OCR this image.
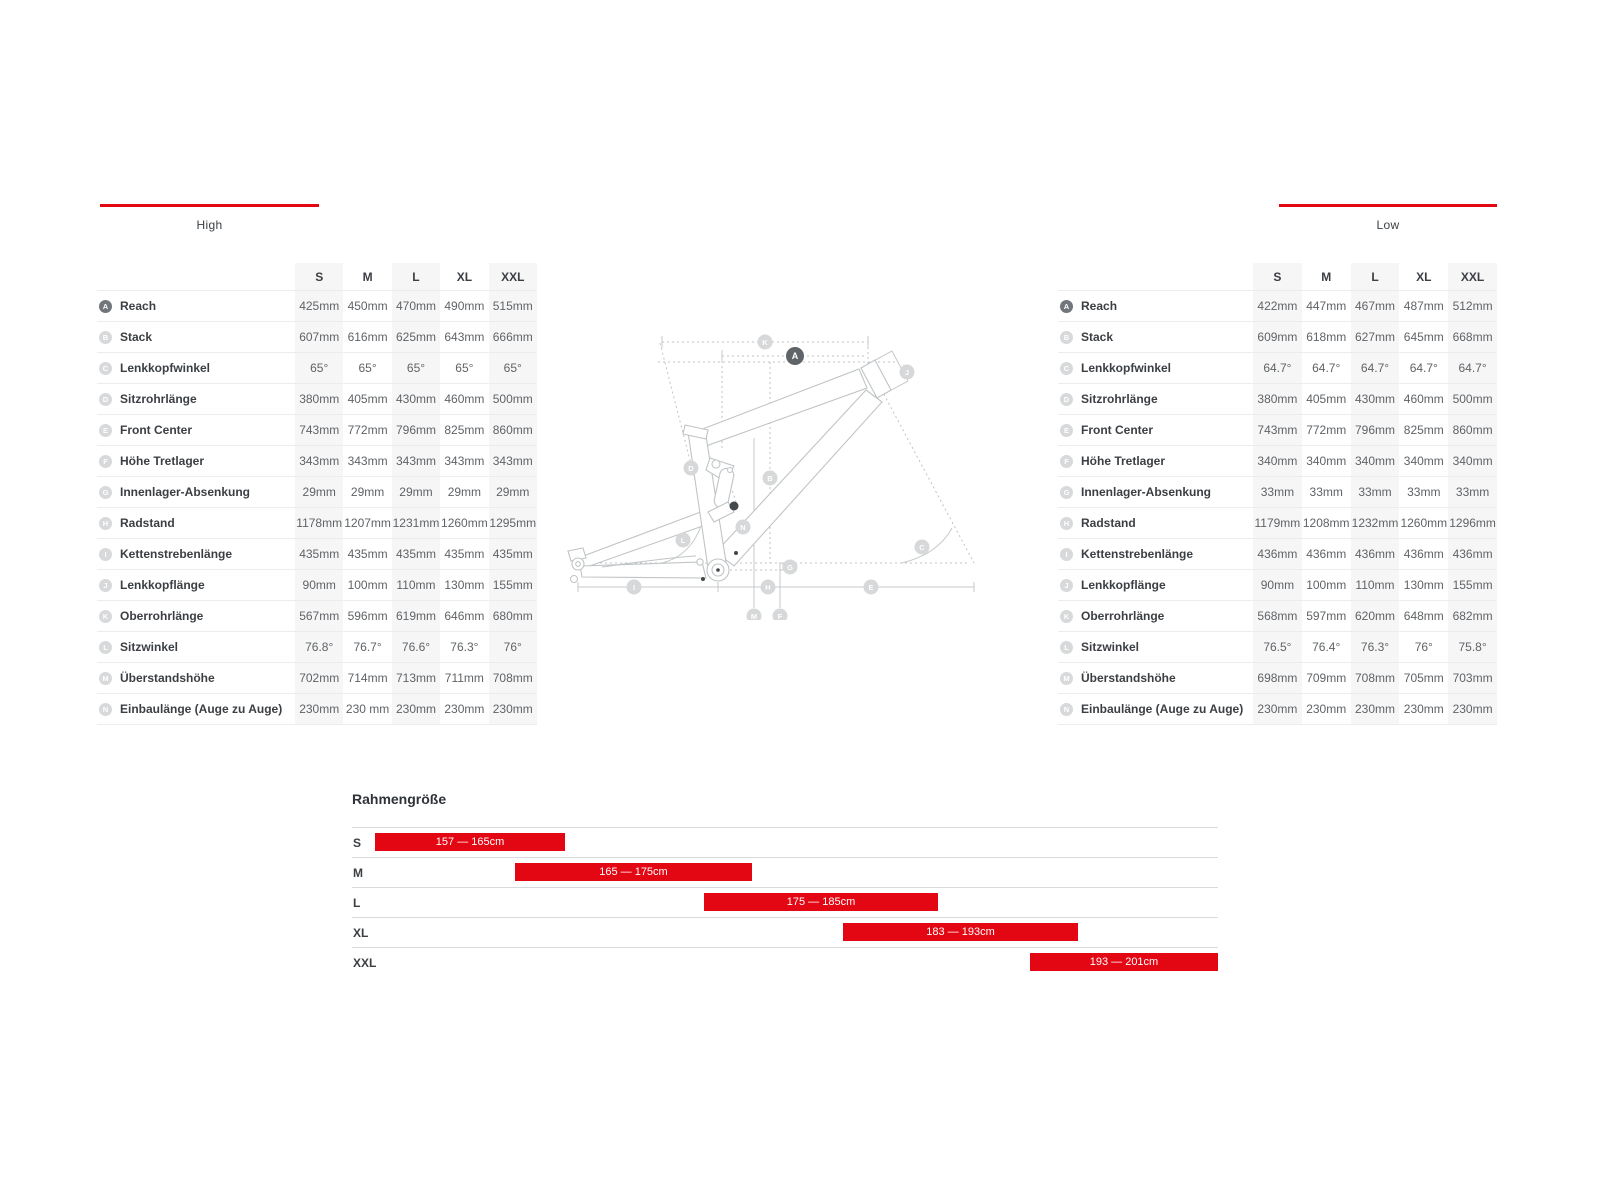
High	Low
S	M	L	XL	XXL
A Reach	425mm 450mm 470mm 490mm 515mm
B Stack	607mm 616mm 625mm 643mm 666mm
C Lenkkopfwinkel	65°	65°	65°	65°	65°
D Sitzrohrlänge	380mm 405mm 430mm 460mm 500mm
E	Front Center	743mm 772mm 796mm 825mm 860mm
F	Höhe Tretlager	343mm 343mm 343mm 343mm 343mm
G Innenlager-Absenkung	29mm	29mm	29mm	29mm	29mm
H Radstand	1178mm 1207mm 1231mm 1260mm 1295mm
I	Kettenstrebenlänge	435mm 435mm 435mm 435mm 435mm
J	Lenkkopflänge	90mm 100mm 110mm 130mm 155mm
K Oberrohrlänge	567mm 596mm 619mm 646mm 680mm
L	Sitzwinkel	76.8°	76.7°	76.6°	76.3°	76°
M Überstandshöhe	702mm 714mm 713mm 711mm 708mm
N Einbaulänge (Auge zu Auge)	230mm 230 mm 230mm 230mm 230mm
S	M	L	XL	XXL
A Reach	422mm 447mm 467mm 487mm 512mm
B Stack	609mm 618mm 627mm 645mm 668mm
C Lenkkopfwinkel	64.7°	64.7°	64.7°	64.7°	64.7°
D Sitzrohrlänge	380mm 405mm 430mm 460mm 500mm
E	Front Center	743mm 772mm 796mm 825mm 860mm
F	Höhe Tretlager	340mm 340mm 340mm 340mm 340mm
G Innenlager-Absenkung	33mm	33mm	33mm	33mm	33mm
H Radstand	1179mm 1208mm 1232mm 1260mm 1296mm
I	Kettenstrebenlänge	436mm 436mm 436mm 436mm 436mm
J	Lenkkopflänge	90mm	100mm 110mm 130mm 155mm
K Oberrohrlänge	568mm 597mm 620mm 648mm 682mm
L	Sitzwinkel	76.5°	76.4°	76.3°	76°	75.8°
M Überstandshöhe	698mm 709mm 708mm 705mm 703mm
N Einbaulänge (Auge zu Auge)	230mm 230mm 230mm 230mm 230mm
A
B
C
D
E
F
G
H
I
J
K
L
M
N
Rahmengröße
S	157 — 165cm
M	165 — 175cm
L	175 — 185cm
XL	183 — 193cm
XXL	193 — 201cm
